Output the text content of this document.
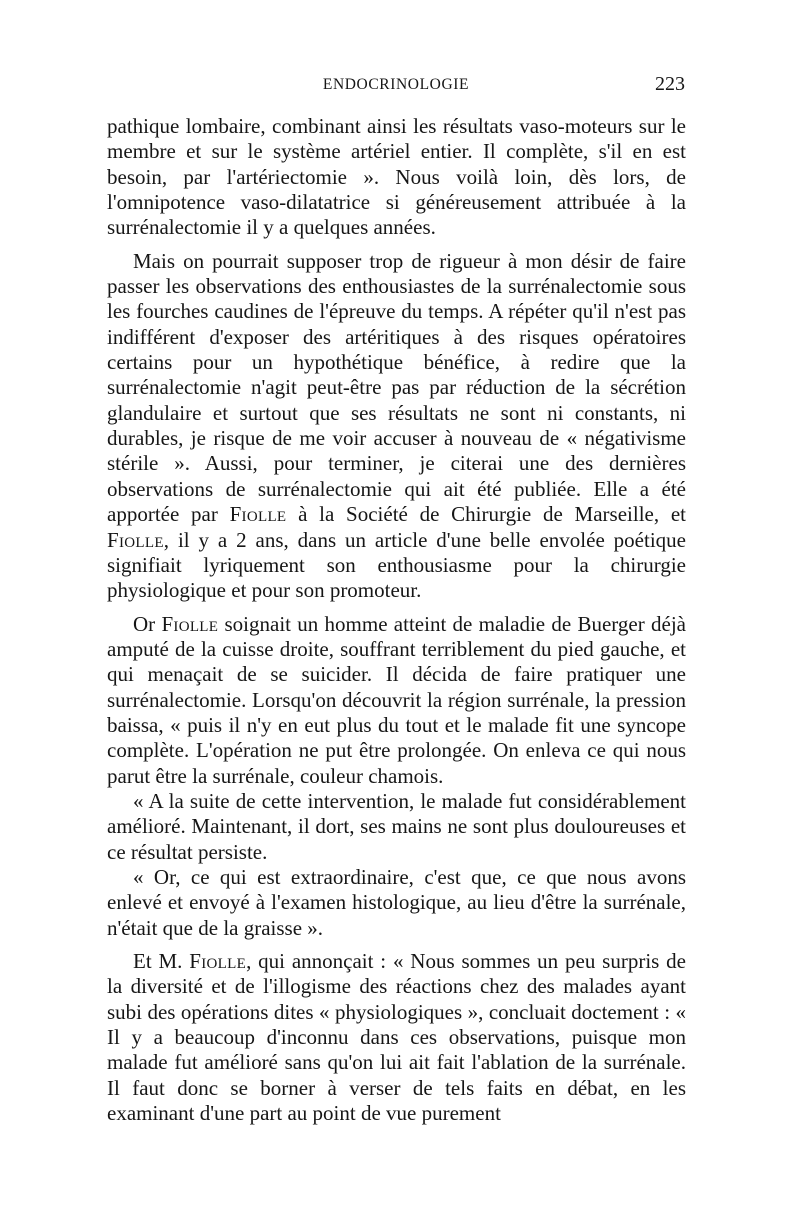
ENDOCRINOLOGIE	223

pathique lombaire, combinant ainsi les résultats vaso-moteurs sur le membre et sur le système artériel entier. Il complète, s'il en est besoin, par l'artériectomie ». Nous voilà loin, dès lors, de l'omnipotence vaso-dilatatrice si généreusement attribuée à la surrénalectomie il y a quelques années.

Mais on pourrait supposer trop de rigueur à mon désir de faire passer les observations des enthousiastes de la surrénalectomie sous les fourches caudines de l'épreuve du temps. A répéter qu'il n'est pas indifférent d'exposer des artéritiques à des risques opératoires certains pour un hypothétique bénéfice, à redire que la surrénalectomie n'agit peut-être pas par réduction de la sécrétion glandulaire et surtout que ses résultats ne sont ni constants, ni durables, je risque de me voir accuser à nouveau de « négativisme stérile ». Aussi, pour terminer, je citerai une des dernières observations de surrénalectomie qui ait été publiée. Elle a été apportée par Fiolle à la Société de Chirurgie de Marseille, et Fiolle, il y a 2 ans, dans un article d'une belle envolée poétique signifiait lyriquement son enthousiasme pour la chirurgie physiologique et pour son promoteur.

Or Fiolle soignait un homme atteint de maladie de Buerger déjà amputé de la cuisse droite, souffrant terriblement du pied gauche, et qui menaçait de se suicider. Il décida de faire pratiquer une surrénalectomie. Lorsqu'on découvrit la région surrénale, la pression baissa, « puis il n'y en eut plus du tout et le malade fit une syncope complète. L'opération ne put être prolongée. On enleva ce qui nous parut être la surrénale, couleur chamois.

« A la suite de cette intervention, le malade fut considérablement amélioré. Maintenant, il dort, ses mains ne sont plus douloureuses et ce résultat persiste.

« Or, ce qui est extraordinaire, c'est que, ce que nous avons enlevé et envoyé à l'examen histologique, au lieu d'être la surrénale, n'était que de la graisse ».

Et M. Fiolle, qui annonçait : « Nous sommes un peu surpris de la diversité et de l'illogisme des réactions chez des malades ayant subi des opérations dites « physiologiques », concluait doctement : « Il y a beaucoup d'inconnu dans ces observations, puisque mon malade fut amélioré sans qu'on lui ait fait l'ablation de la surrénale. Il faut donc se borner à verser de tels faits en débat, en les examinant d'une part au point de vue purement
